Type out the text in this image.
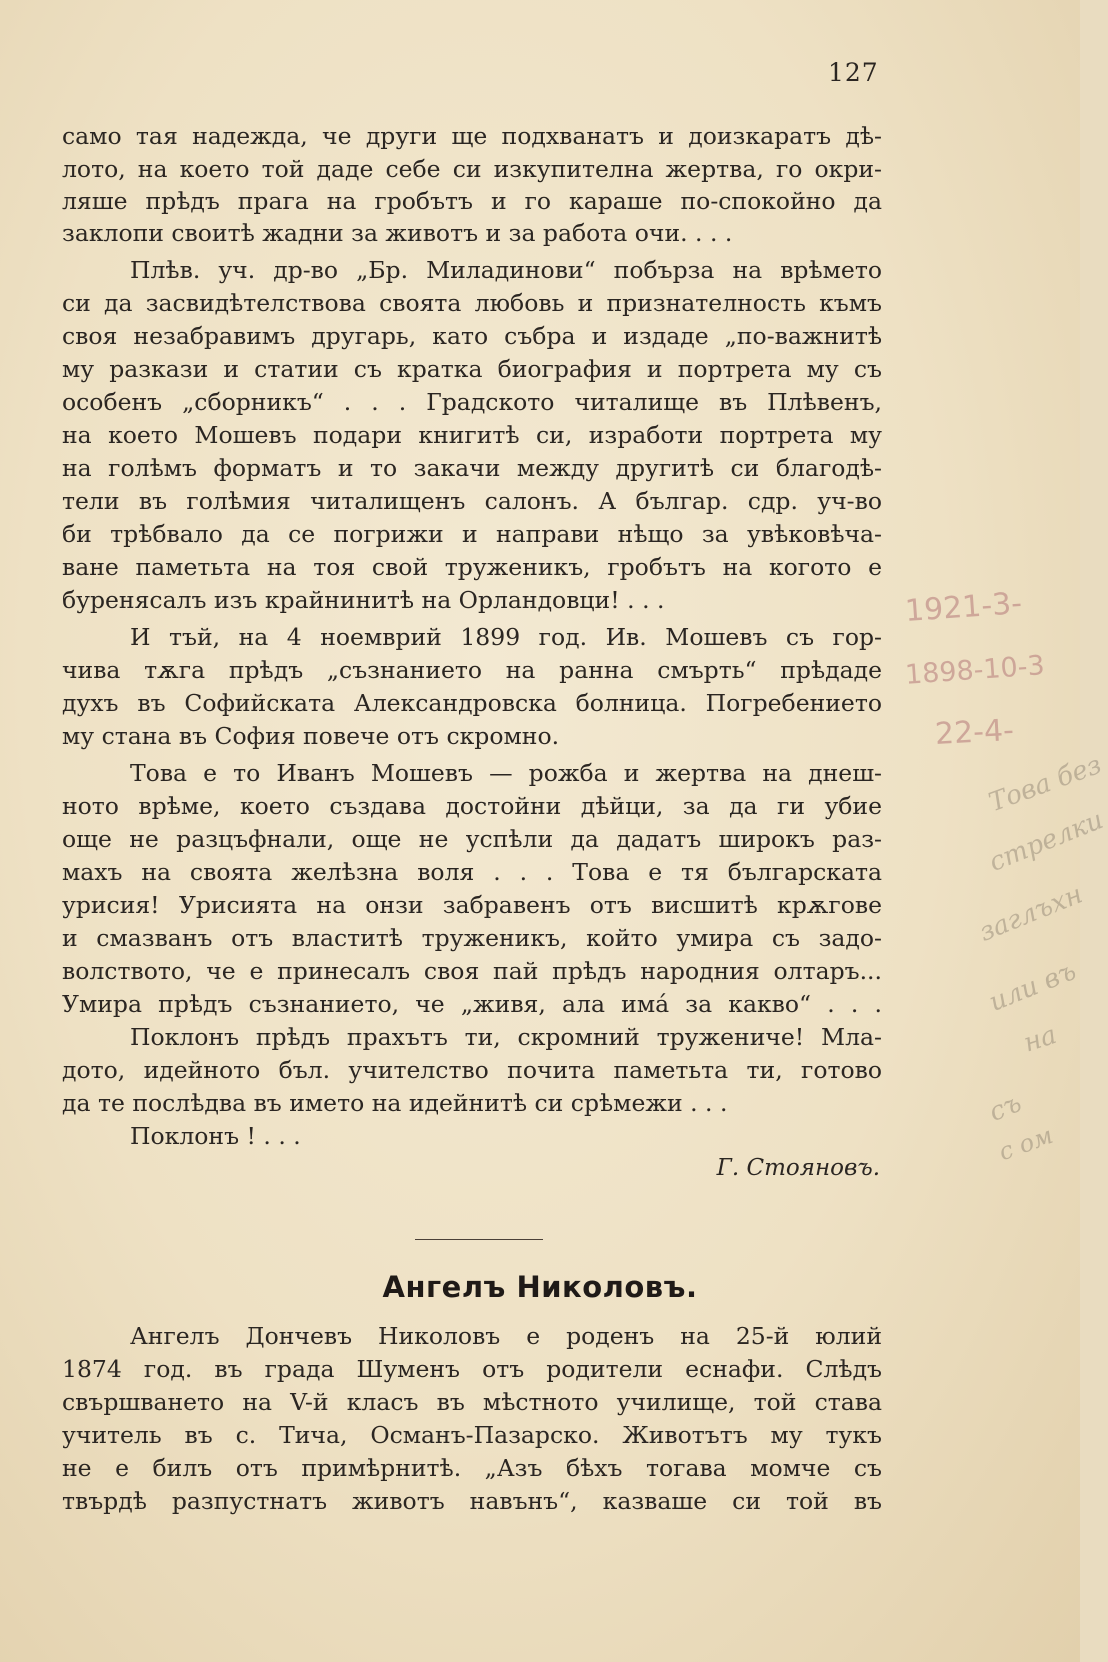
127
само тая надежда, че други ще подхванатъ и доизкаратъ дѣ-
лото, на което той даде себе си изкупителна жертва, го окри-
ляше прѣдъ прага на гробътъ и го караше по-спокойно да
заклопи своитѣ жадни за животъ и за работа очи. . . .
Плѣв. уч. др-во „Бр. Миладинови“ побърза на врѣмето
си да засвидѣтелствова своята любовь и признателность къмъ
своя незабравимъ другарь, като събра и издаде „по-важнитѣ
му разкази и статии съ кратка биография и портрета му съ
особенъ „сборникъ“ . . . Градското читалище въ Плѣвенъ,
на което Мошевъ подари книгитѣ си, изработи портрета му
на голѣмъ форматъ и то закачи между другитѣ си благодѣ-
тели въ голѣмия читалищенъ салонъ. А българ. сдр. уч-во
би трѣбвало да се погрижи и направи нѣщо за увѣковѣча-
ване паметьта на тоя свой труженикъ, гробътъ на когото е
буренясалъ изъ крайнинитѣ на Орландовци! . . .
И тъй, на 4 ноемврий 1899 год. Ив. Мошевъ съ гор-
чива тѫга прѣдъ „съзнанието на ранна смърть“ прѣдаде
духъ въ Софийската Александровска болница. Погребението
му стана въ София повече отъ скромно.
Това е то Иванъ Мошевъ — рожба и жертва на днеш-
ното врѣме, което създава достойни дѣйци, за да ги убие
още не разцъфнали, още не успѣли да дадатъ широкъ раз-
махъ на своята желѣзна воля . . . Това е тя българската
урисия! Урисията на онзи забравенъ отъ висшитѣ крѫгове
и смазванъ отъ властитѣ труженикъ, който умира съ задо-
волството, че е принесалъ своя пай прѣдъ народния олтаръ...
Умира прѣдъ съзнанието, че „живя, ала има́ за какво“ . . .
Поклонъ прѣдъ прахътъ ти, скромний труженичe! Мла-
дото, идейното бъл. учителство почита паметьта ти, готово
да те послѣдва въ името на идейнитѣ си срѣмежи . . .
Поклонъ ! . . .
Г. Стояновъ.
Ангелъ Николовъ.
Ангелъ Дончевъ Николовъ е роденъ на 25-й юлий
1874 год. въ града Шуменъ отъ родители еснафи. Слѣдъ
свършването на V-й класъ въ мѣстното училище, той става
учитель въ с. Тича, Османъ-Пазарско. Животътъ му тукъ
не е билъ отъ примѣрнитѣ. „Азъ бѣхъ тогава момче съ
твърдѣ разпустнатъ животъ навънъ“, казваше си той въ
1921-3-
1898-10-3
22-4-
Това без
стрелки
заглъхн
или въ
на
съ
с ом
